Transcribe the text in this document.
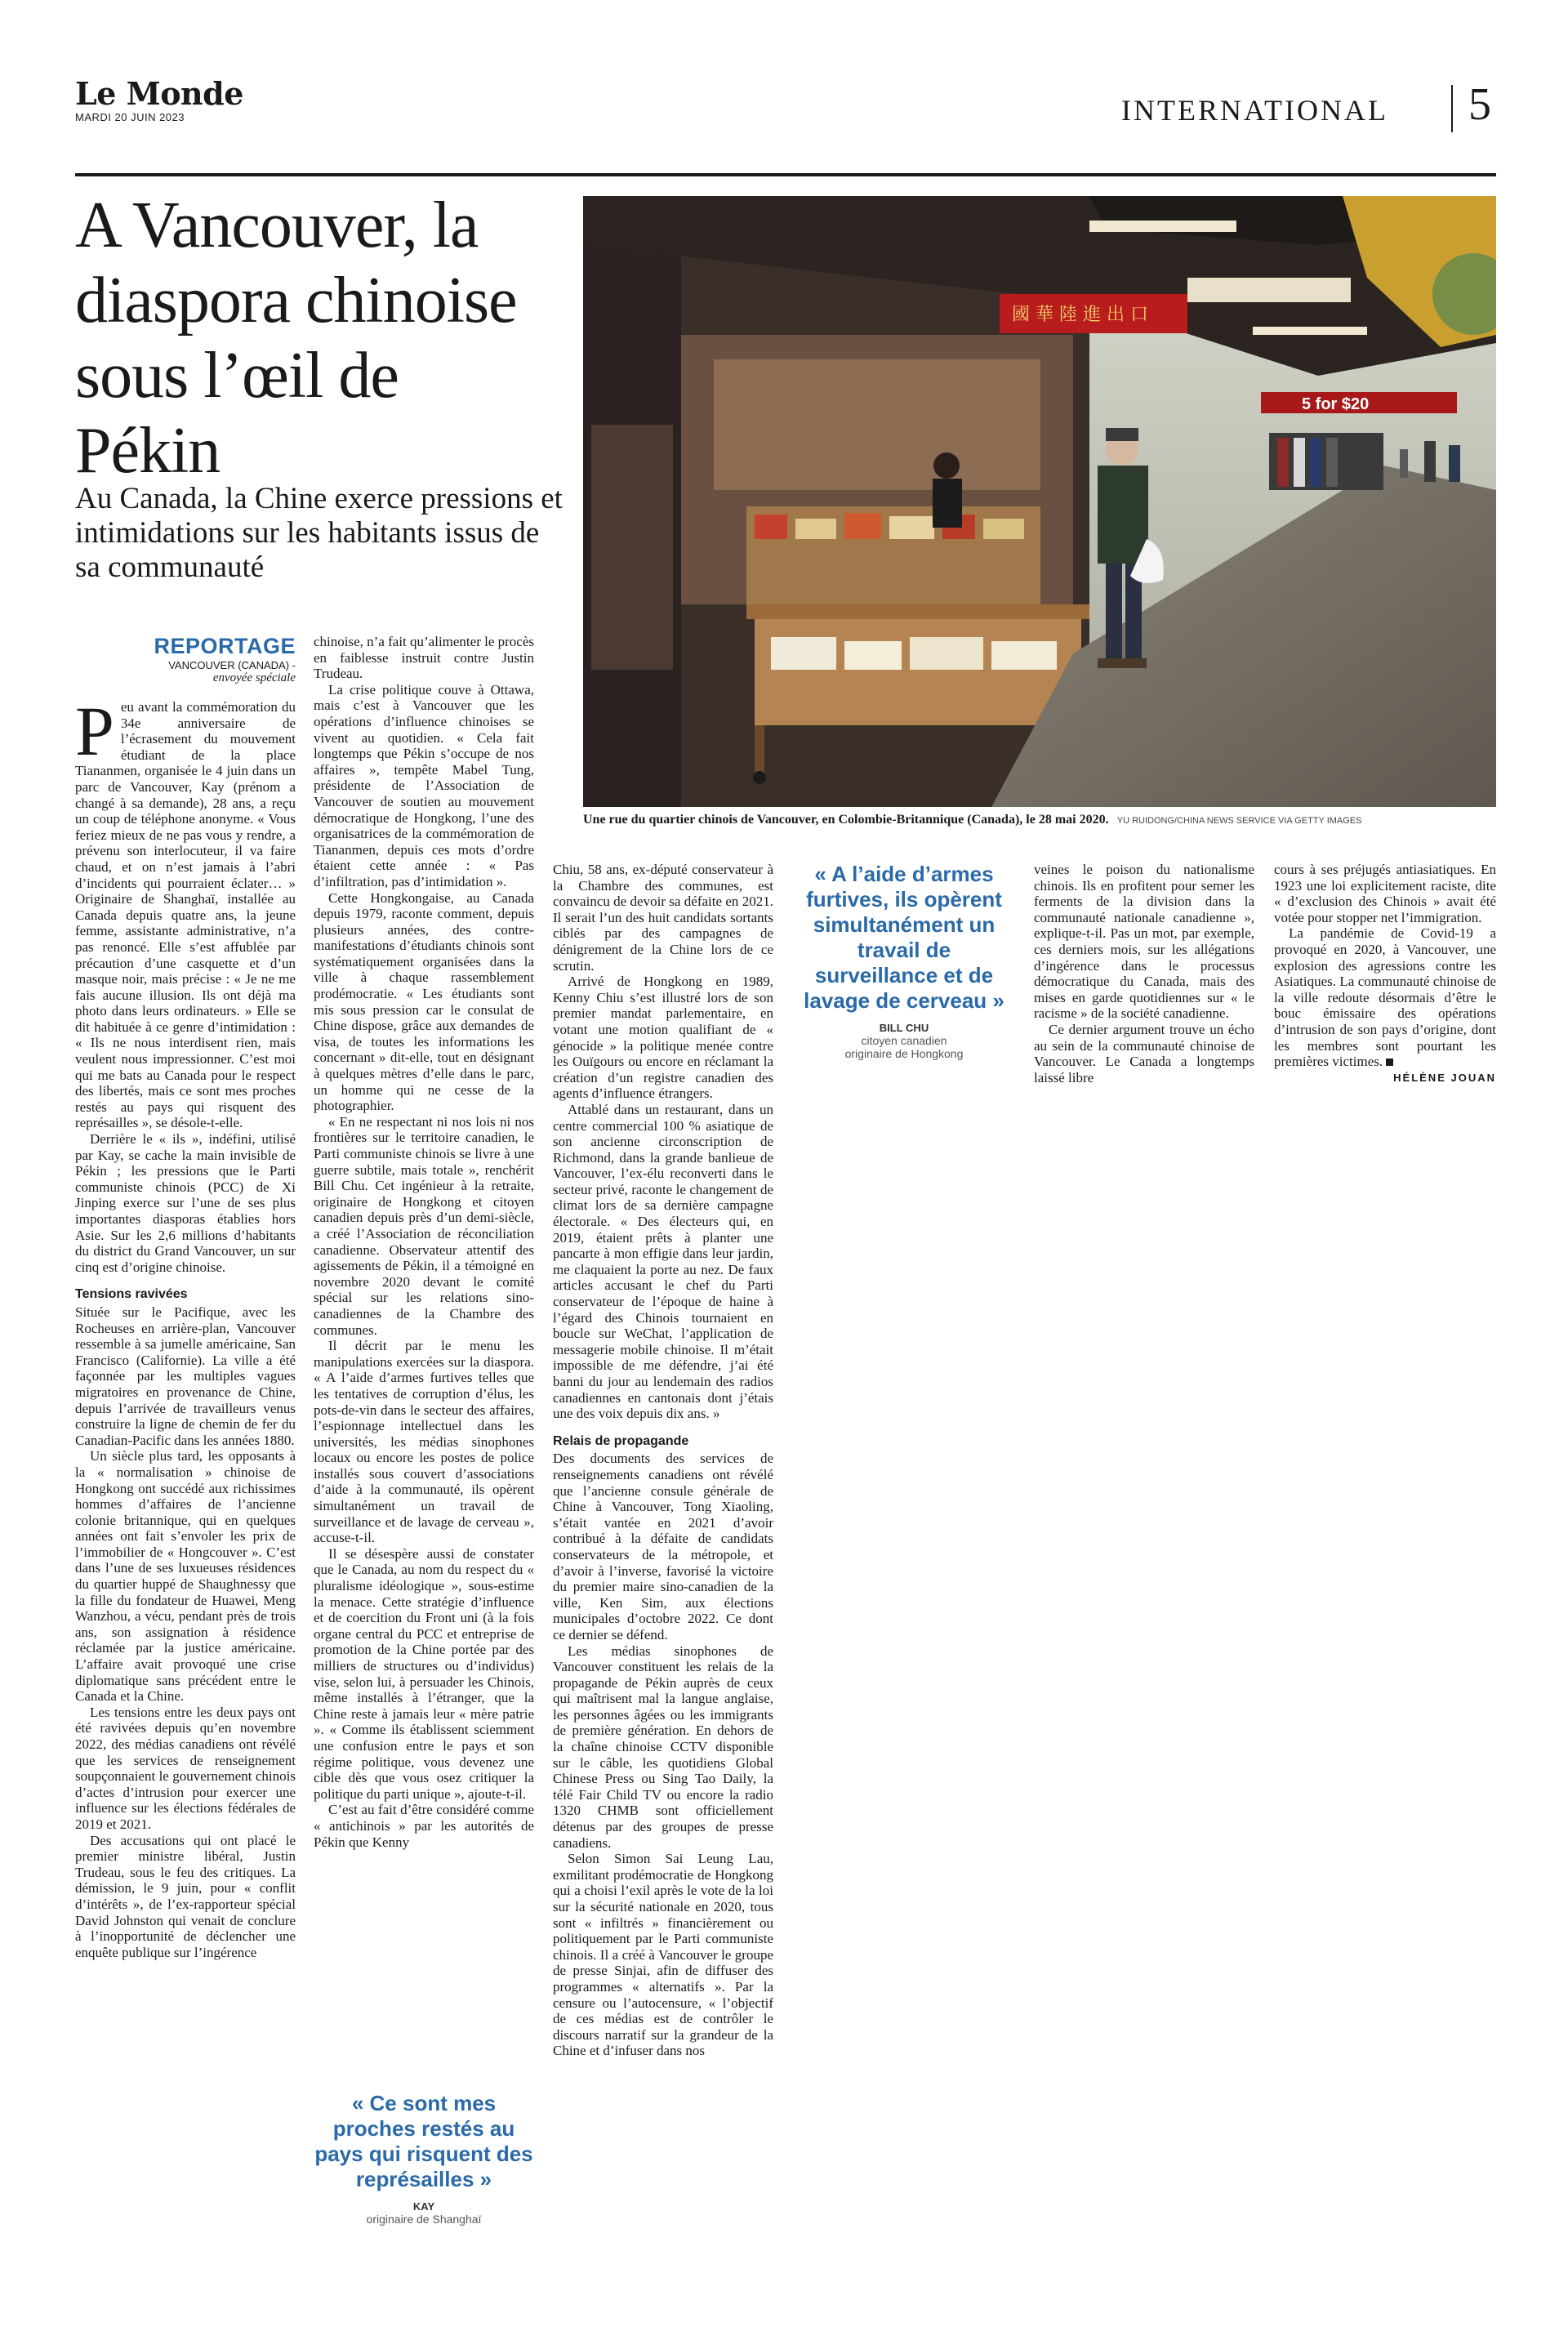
Le Monde
MARDI 20 JUIN 2023	INTERNATIONAL 5
A Vancouver, la diaspora chinoise sous l’œil de Pékin
Au Canada, la Chine exerce pressions et intimidations sur les habitants issus de sa communauté
國 華 陸 進 出 口
5 for $20
Une rue du quartier chinois de Vancouver, en Colombie-Britannique (Canada), le 28 mai 2020. YU RUIDONG/CHINA NEWS SERVICE VIA GETTY IMAGES
REPORTAGE
VANCOUVER (CANADA) -
envoyée spéciale

Peu avant la commémoration du 34e anniversaire de l’écrasement du mouvement étudiant de la place Tiananmen, organisée le 4 juin dans un parc de Vancouver, Kay (prénom a changé à sa demande), 28 ans, a reçu un coup de téléphone anonyme. « Vous feriez mieux de ne pas vous y rendre, a prévenu son interlocuteur, il va faire chaud, et on n’est jamais à l’abri d’incidents qui pourraient éclater… » Originaire de Shanghaï, installée au Canada depuis quatre ans, la jeune femme, assistante administrative, n’a pas renoncé. Elle s’est affublée par précaution d’une casquette et d’un masque noir, mais précise : « Je ne me fais aucune illusion. Ils ont déjà ma photo dans leurs ordinateurs. » Elle se dit habituée à ce genre d’intimidation : « Ils ne nous interdisent rien, mais veulent nous impressionner. C’est moi qui me bats au Canada pour le respect des libertés, mais ce sont mes proches restés au pays qui risquent des représailles », se désole-t-elle.

Derrière le « ils », indéfini, utilisé par Kay, se cache la main invisible de Pékin ; les pressions que le Parti communiste chinois (PCC) de Xi Jinping exerce sur l’une de ses plus importantes diasporas établies hors Asie. Sur les 2,6 millions d’habitants du district du Grand Vancouver, un sur cinq est d’origine chinoise.

Tensions ravivées

Située sur le Pacifique, avec les Rocheuses en arrière-plan, Vancouver ressemble à sa jumelle américaine, San Francisco (Californie). La ville a été façonnée par les multiples vagues migratoires en provenance de Chine, depuis l’arrivée de travailleurs venus construire la ligne de chemin de fer du Canadian-Pacific dans les années 1880.

Un siècle plus tard, les opposants à la « normalisation » chinoise de Hongkong ont succédé aux richissimes hommes d’affaires de l’ancienne colonie britannique, qui en quelques années ont fait s’envoler les prix de l’immobilier de « Hongcouver ». C’est dans l’une de ses luxueuses résidences du quartier huppé de Shaughnessy que la fille du fondateur de Huawei, Meng Wanzhou, a vécu, pendant près de trois ans, son assignation à résidence réclamée par la justice américaine. L’affaire avait provoqué une crise diplomatique sans précédent entre le Canada et la Chine.

Les tensions entre les deux pays ont été ravivées depuis qu’en novembre 2022, des médias canadiens ont révélé que les services de renseignement soupçonnaient le gouvernement chinois d’actes d’intrusion pour exercer une influence sur les élections fédérales de 2019 et 2021.

Des accusations qui ont placé le premier ministre libéral, Justin Trudeau, sous le feu des critiques. La démission, le 9 juin, pour « conflit d’intérêts », de l’ex-rapporteur spécial David Johnston qui venait de conclure à l’inopportunité de déclencher une enquête publique sur l’ingérence

chinoise, n’a fait qu’alimenter le procès en faiblesse instruit contre Justin Trudeau.

La crise politique couve à Ottawa, mais c’est à Vancouver que les opérations d’influence chinoises se vivent au quotidien. « Cela fait longtemps que Pékin s’occupe de nos affaires », tempête Mabel Tung, présidente de l’Association de Vancouver de soutien au mouvement démocratique de Hongkong, l’une des organisatrices de la commémoration de Tiananmen, depuis ces mots d’ordre étaient cette année : « Pas d’infiltration, pas d’intimidation ».

Cette Hongkongaise, au Canada depuis 1979, raconte comment, depuis plusieurs années, des contre-manifestations d’étudiants chinois sont systématiquement organisées dans la ville à chaque rassemblement prodémocratie. « Les étudiants sont mis sous pression car le consulat de Chine dispose, grâce aux demandes de visa, de toutes les informations les concernant » dit-elle, tout en désignant à quelques mètres d’elle dans le parc, un homme qui ne cesse de la photographier.

« En ne respectant ni nos lois ni nos frontières sur le territoire canadien, le Parti communiste chinois se livre à une guerre subtile, mais totale », renchérit Bill Chu. Cet ingénieur à la retraite, originaire de Hongkong et citoyen canadien depuis près d’un demi-siècle, a créé l’Association de réconciliation canadienne. Observateur attentif des agissements de Pékin, il a témoigné en novembre 2020 devant le comité spécial sur les relations sino-canadiennes de la Chambre des communes.

Il décrit par le menu les manipulations exercées sur la diaspora. « A l’aide d’armes furtives telles que les tentatives de corruption d’élus, les pots-de-vin dans le secteur des affaires, l’espionnage intellectuel dans les universités, les médias sinophones locaux ou encore les postes de police installés sous couvert d’associations d’aide à la communauté, ils opèrent simultanément un travail de surveillance et de lavage de cerveau », accuse-t-il.

Il se désespère aussi de constater que le Canada, au nom du respect du « pluralisme idéologique », sous-estime la menace. Cette stratégie d’influence et de coercition du Front uni (à la fois organe central du PCC et entreprise de promotion de la Chine portée par des milliers de structures ou d’individus) vise, selon lui, à persuader les Chinois, même installés à l’étranger, que la Chine reste à jamais leur « mère patrie ». « Comme ils établissent sciemment une confusion entre le pays et son régime politique, vous devenez une cible dès que vous osez critiquer la politique du parti unique », ajoute-t-il.

C’est au fait d’être considéré comme « antichinois » par les autorités de Pékin que Kenny

« Ce sont mes proches restés au pays qui risquent des représailles »
KAY
originaire de Shanghaï

Chiu, 58 ans, ex-député conservateur à la Chambre des communes, est convaincu de devoir sa défaite en 2021. Il serait l’un des huit candidats sortants ciblés par des campagnes de dénigrement de la Chine lors de ce scrutin.

Arrivé de Hongkong en 1989, Kenny Chiu s’est illustré lors de son premier mandat parlementaire, en votant une motion qualifiant de « génocide » la politique menée contre les Ouïgours ou encore en réclamant la création d’un registre canadien des agents d’influence étrangers.

Attablé dans un restaurant, dans un centre commercial 100 % asiatique de son ancienne circonscription de Richmond, dans la grande banlieue de Vancouver, l’ex-élu reconverti dans le secteur privé, raconte le changement de climat lors de sa dernière campagne électorale. « Des électeurs qui, en 2019, étaient prêts à planter une pancarte à mon effigie dans leur jardin, me claquaient la porte au nez. De faux articles accusant le chef du Parti conservateur de l’époque de haine à l’égard des Chinois tournaient en boucle sur WeChat, l’application de messagerie mobile chinoise. Il m’était impossible de me défendre, j’ai été banni du jour au lendemain des radios canadiennes en cantonais dont j’étais une des voix depuis dix ans. »

Relais de propagande

Des documents des services de renseignements canadiens ont révélé que l’ancienne consule générale de Chine à Vancouver, Tong Xiaoling, s’était vantée en 2021 d’avoir contribué à la défaite de candidats conservateurs de la métropole, et d’avoir à l’inverse, favorisé la victoire du premier maire sino-canadien de la ville, Ken Sim, aux élections municipales d’octobre 2022. Ce dont ce dernier se défend.

Les médias sinophones de Vancouver constituent les relais de la propagande de Pékin auprès de ceux qui maîtrisent mal la langue anglaise, les personnes âgées ou les immigrants de première génération. En dehors de la chaîne chinoise CCTV disponible sur le câble, les quotidiens Global Chinese Press ou Sing Tao Daily, la télé Fair Child TV ou encore la radio 1320 CHMB sont officiellement détenus par des groupes de presse canadiens.

Selon Simon Sai Leung Lau, exmilitant prodémocratie de Hongkong qui a choisi l’exil après le vote de la loi sur la sécurité nationale en 2020, tous sont « infiltrés » financièrement ou politiquement par le Parti communiste chinois. Il a créé à Vancouver le groupe de presse Sinjai, afin de diffuser des programmes « alternatifs ». Par la censure ou l’autocensure, « l’objectif de ces médias est de contrôler le discours narratif sur la grandeur de la Chine et d’infuser dans nos

« A l’aide d’armes furtives, ils opèrent simultanément un travail de surveillance et de lavage de cerveau »
BILL CHU
citoyen canadien
originaire de Hongkong

veines le poison du nationalisme chinois. Ils en profitent pour semer les ferments de la division dans la communauté nationale canadienne », explique-t-il. Pas un mot, par exemple, ces derniers mois, sur les allégations d’ingérence dans le processus démocratique du Canada, mais des mises en garde quotidiennes sur « le racisme » de la société canadienne.

Ce dernier argument trouve un écho au sein de la communauté chinoise de Vancouver. Le Canada a longtemps laissé libre

cours à ses préjugés antiasiatiques. En 1923 une loi explicitement raciste, dite « d’exclusion des Chinois » avait été votée pour stopper net l’immigration.

La pandémie de Covid-19 a provoqué en 2020, à Vancouver, une explosion des agressions contre les Asiatiques. La communauté chinoise de la ville redoute désormais d’être le bouc émissaire des opérations d’intrusion de son pays d’origine, dont les membres sont pourtant les premières victimes.

HÉLÈNE JOUAN
